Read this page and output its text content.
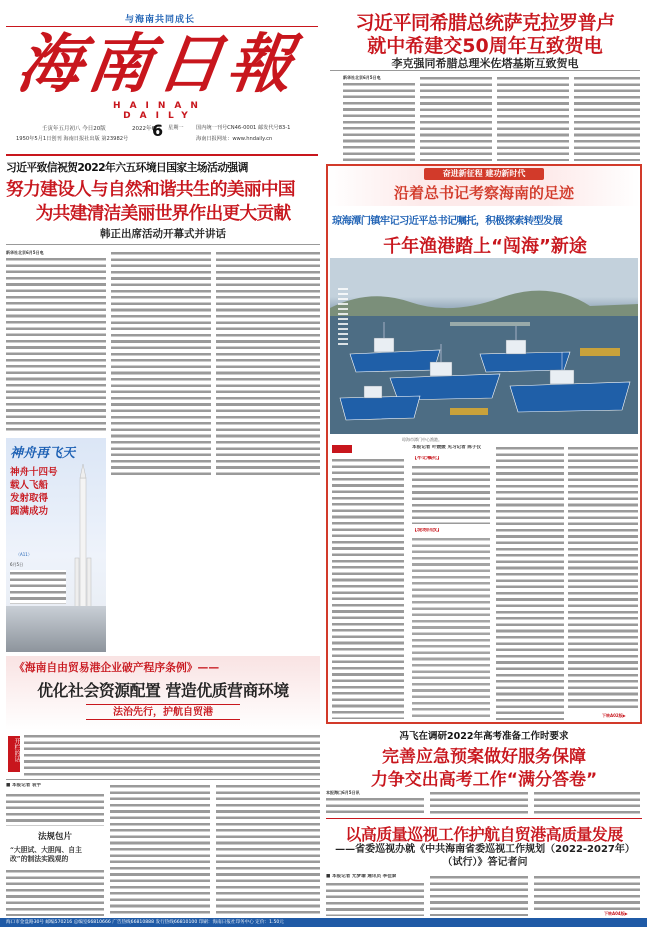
与海南共同成长
海南日報
HAINAN DAILY
壬寅年五月初八 今日20版
1950年5月1日创刊 海南日报社出版 第23982号
2022年6月
6 星期一 国内统一刊号CN46-0001 邮发代号83-1
海南日报网址：www.hndaily.cn
习近平同希腊总统萨克拉罗普卢
就中希建交50周年互致贺电
李克强同希腊总理米佐塔基斯互致贺电
新华社北京6月5日电
习近平致信祝贺2022年六五环境日国家主场活动强调
努力建设人与自然和谐共生的美丽中国
为共建清洁美丽世界作出更大贡献
韩正出席活动开幕式并讲话
新华社北京6月5日电
神舟再飞天
神舟十四号
载人飞船
发射取得
圆满成功
（A11）
6月5日
奋进新征程 建功新时代
沿着总书记考察海南的足迹
琼海潭门镇牢记习近平总书记嘱托，积极探索转型发展
千年渔港踏上“闯海”新途
琼海市潭门中心渔港。
本报记者 叶媛媛 见习记者 陈子仪
【牢记嘱托】
【现场回放】
下转A02版▶
冯飞在调研2022年高考准备工作时要求
完善应急预案做好服务保障
力争交出高考工作“满分答卷”
本报海口6月5日讯
《海南自由贸易港企业破产程序条例》——
优化社会资源配置 营造优质营商环境
法治先行，护航自贸港
开栏的话
■ 本报记者 袁宇
法规包片
“大胆试、大胆闯、自主
改”的制法实践观的
以高质量巡视工作护航自贸港高质量发展
——省委巡视办就《中共海南省委巡视工作规划（2022-2027年）（试行）》答记者问
■ 本报记者 尤梦瑜 通讯员 李佳斌
下转A04版▶
海口市金盘路30号 邮编570216 总编室66810666 广告热线66810888 发行热线66810100 印刷：海南日报社印务中心 定价：1.50元
